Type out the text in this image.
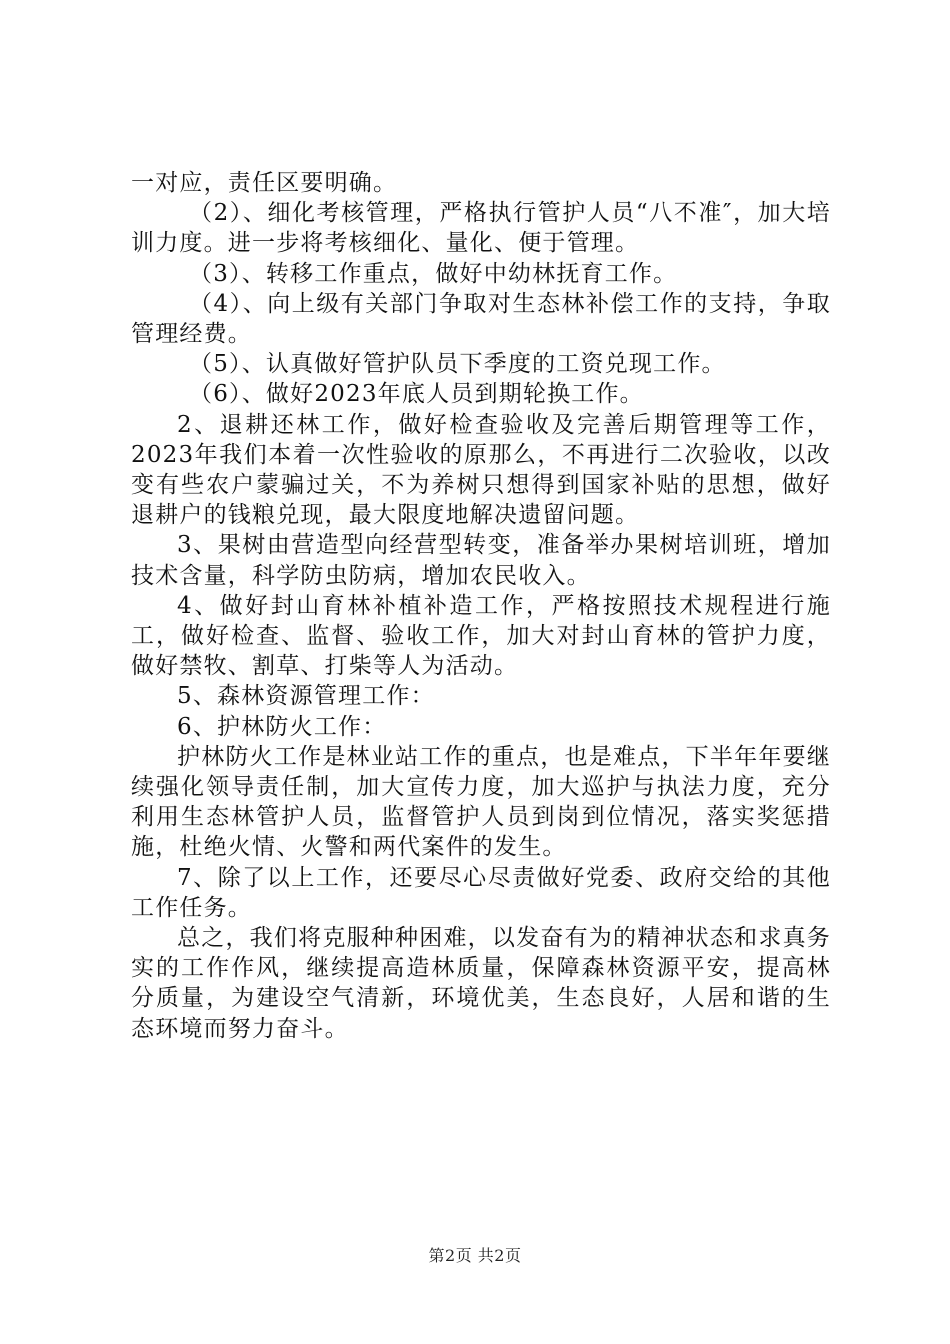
一对应，责任区要明确。

（2）、细化考核管理，严格执行管护人员“八不准″，加大培训力度。进一步将考核细化、量化、便于管理。

（3）、转移工作重点，做好中幼林抚育工作。

（4）、向上级有关部门争取对生态林补偿工作的支持，争取管理经费。

（5）、认真做好管护队员下季度的工资兑现工作。

（6）、做好2023年底人员到期轮换工作。

2、退耕还林工作，做好检查验收及完善后期管理等工作，2023年我们本着一次性验收的原那么，不再进行二次验收，以改变有些农户蒙骗过关，不为养树只想得到国家补贴的思想，做好退耕户的钱粮兑现，最大限度地解决遗留问题。

3、果树由营造型向经营型转变，准备举办果树培训班，增加技术含量，科学防虫防病，增加农民收入。

4、做好封山育林补植补造工作，严格按照技术规程进行施工，做好检查、监督、验收工作，加大对封山育林的管护力度，做好禁牧、割草、打柴等人为活动。

5、森林资源管理工作：

6、护林防火工作：

护林防火工作是林业站工作的重点，也是难点，下半年年要继续强化领导责任制，加大宣传力度，加大巡护与执法力度，充分利用生态林管护人员，监督管护人员到岗到位情况，落实奖惩措施，杜绝火情、火警和两代案件的发生。

7、除了以上工作，还要尽心尽责做好党委、政府交给的其他工作任务。

总之，我们将克服种种困难，以发奋有为的精神状态和求真务实的工作作风，继续提高造林质量，保障森林资源平安，提高林分质量，为建设空气清新，环境优美，生态良好，人居和谐的生态环境而努力奋斗。

第2页 共2页
